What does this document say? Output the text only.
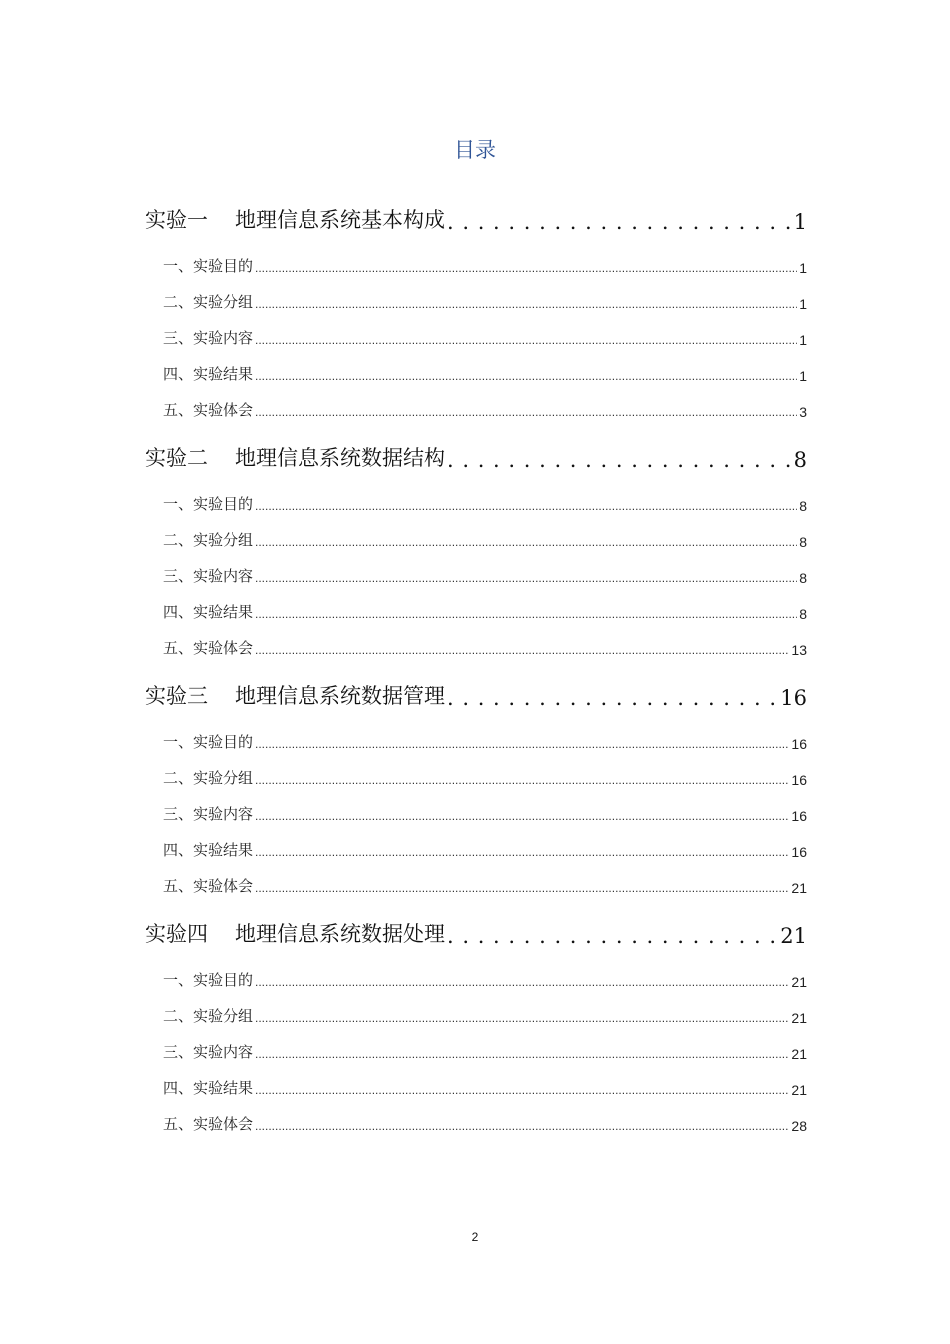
目录
实验一	地理信息系统基本构成 . . .	1
一、实验目的 .....	1
二、实验分组 .....	1
三、实验内容 .....	1
四、实验结果 .....	1
五、实验体会 .....	3
实验二	地理信息系统数据结构 . . .	8
一、实验目的 .....	8
二、实验分组 .....	8
三、实验内容 .....	8
四、实验结果 .....	8
五、实验体会 .....	13
实验三	地理信息系统数据管理 . . .	16
一、实验目的 .....	16
二、实验分组 .....	16
三、实验内容 .....	16
四、实验结果 .....	16
五、实验体会 .....	21
实验四	地理信息系统数据处理 . . .	21
一、实验目的 .....	21
二、实验分组 .....	21
三、实验内容 .....	21
四、实验结果 .....	21
五、实验体会 .....	28
2
